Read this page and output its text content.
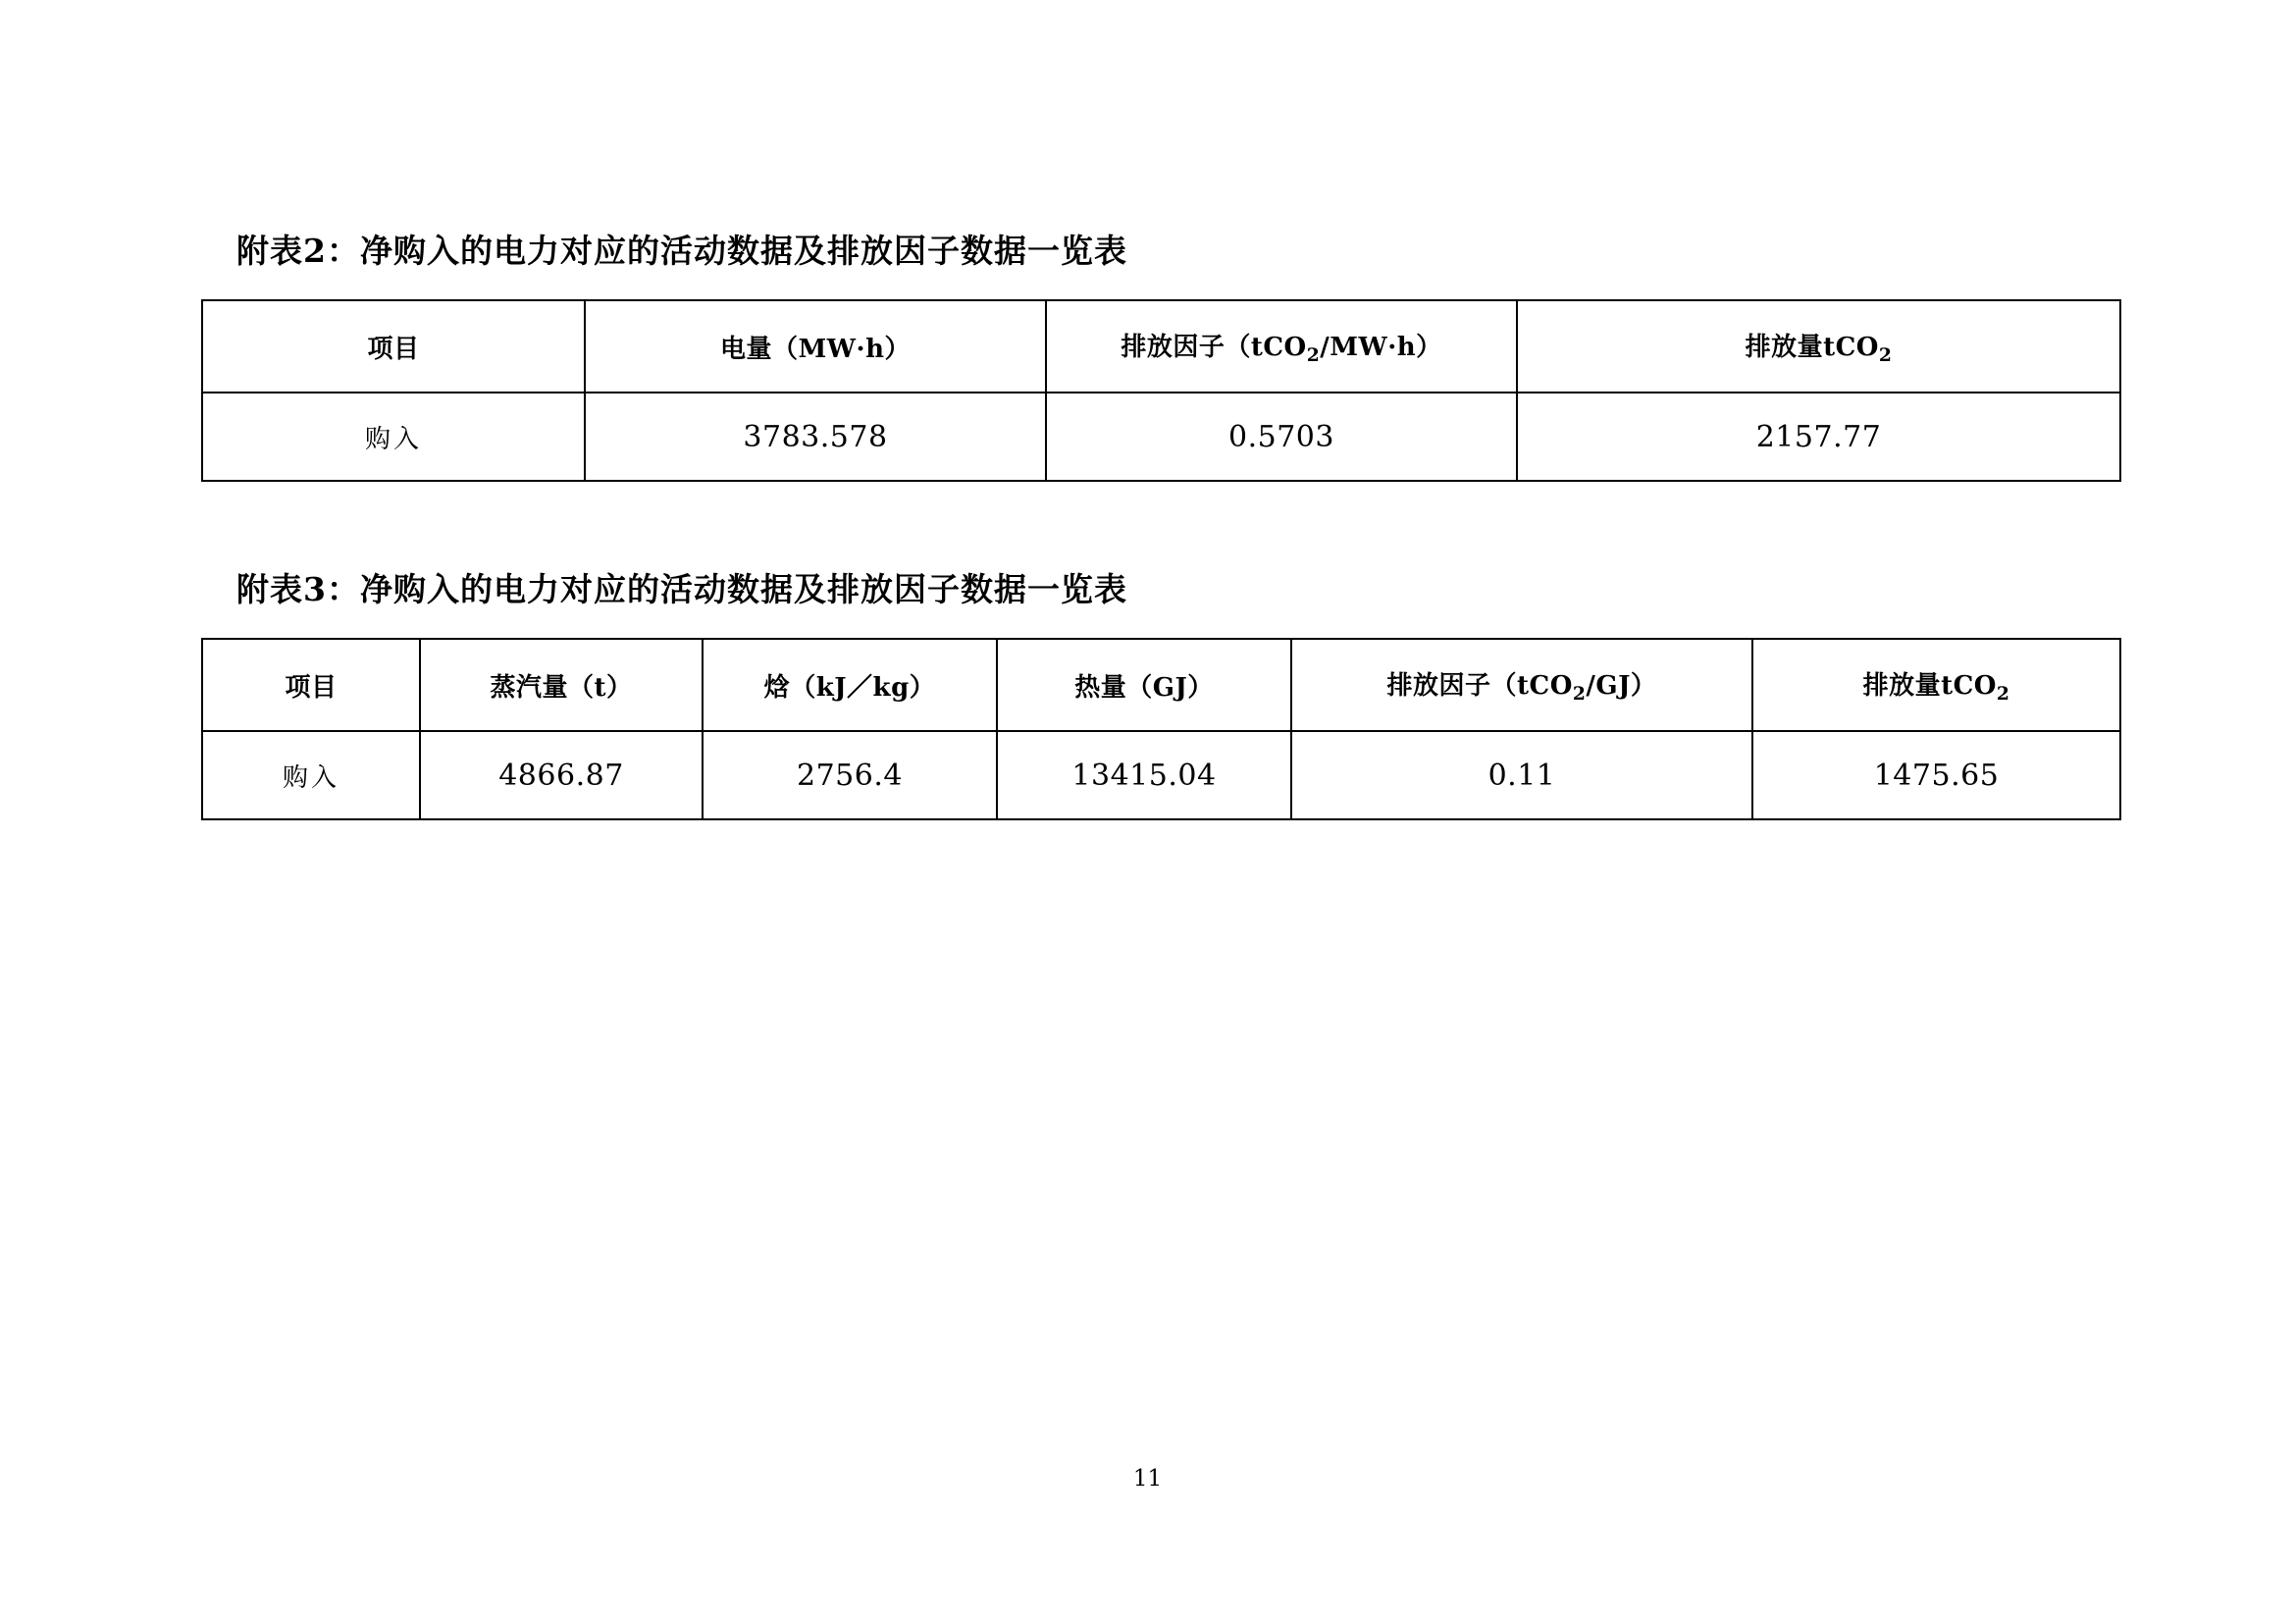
附表2：净购入的电力对应的活动数据及排放因子数据一览表
项目	电量（MW·h）	排放因子（tCO$_2$/MW·h）	排放量tCO$_2$
购入	3783.578	0.5703	2157.77
附表3：净购入的电力对应的活动数据及排放因子数据一览表
项目	蒸汽量（t）	焓（kJ／kg）	热量（GJ）	排放因子（tCO$_2$/GJ）	排放量tCO$_2$
购入	4866.87	2756.4	13415.04	0.11	1475.65
11
